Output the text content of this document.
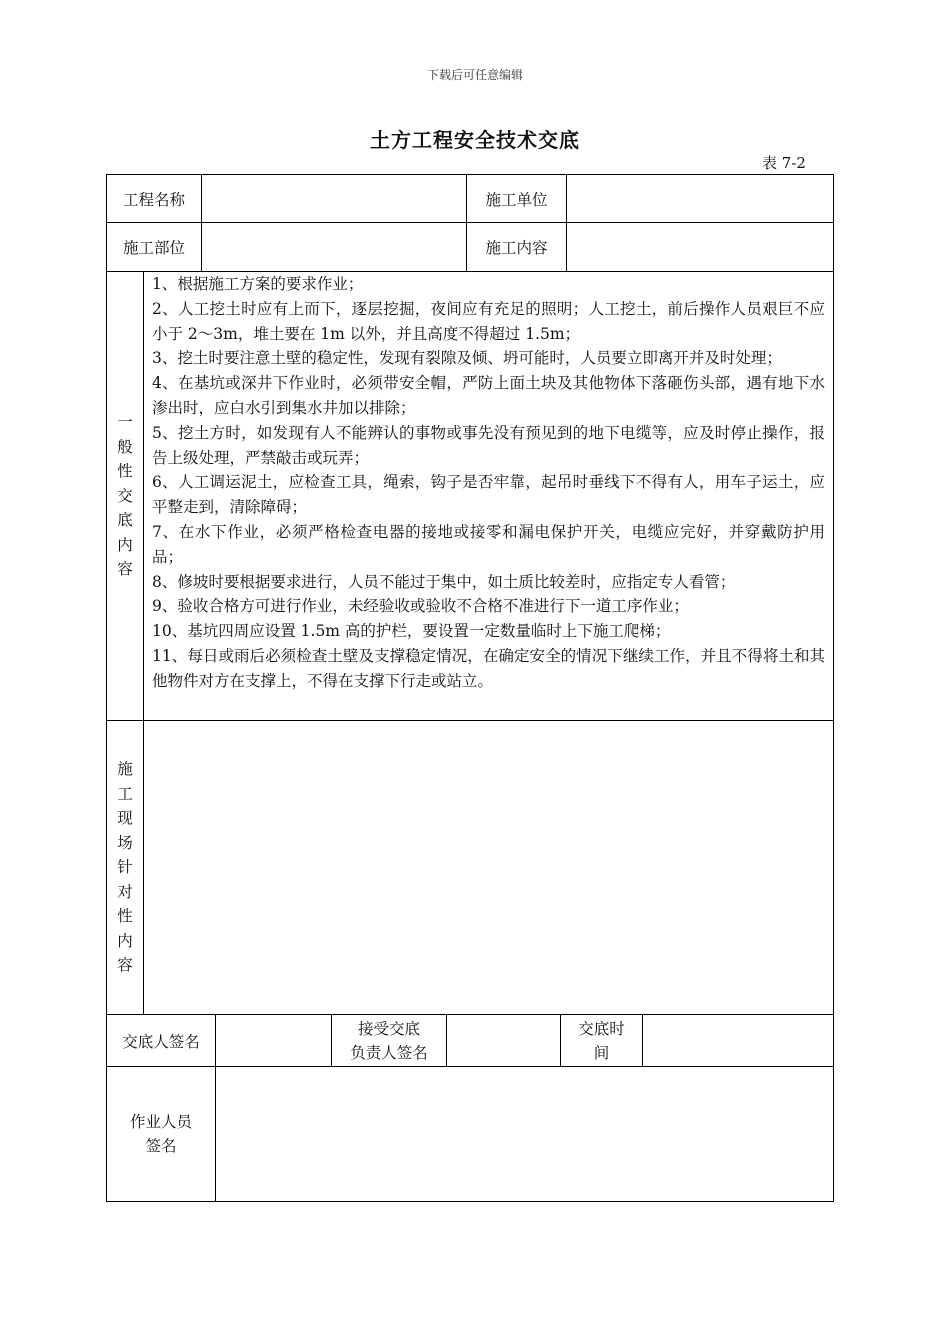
下载后可任意编辑
土方工程安全技术交底
表 7-2
工程名称	施工单位
施工部位	施工内容
一
般
性
交
底
内
容

1、根据施工方案的要求作业；

2、人工挖土时应有上而下，逐层挖掘，夜间应有充足的照明；人工挖土，前后操作人员艰巨不应小于 2～3m，堆土要在 1m 以外，并且高度不得超过 1.5m；

3、挖土时要注意土壁的稳定性，发现有裂隙及倾、坍可能时，人员要立即离开并及时处理；

4、在基坑或深井下作业时，必须带安全帽，严防上面土块及其他物体下落砸伤头部，遇有地下水渗出时，应白水引到集水井加以排除；

5、挖土方时，如发现有人不能辨认的事物或事先没有预见到的地下电缆等，应及时停止操作，报告上级处理，严禁敲击或玩弄；

6、人工调运泥土，应检查工具，绳索，钩子是否牢靠，起吊时垂线下不得有人，用车子运土，应平整走到，清除障碍；

7、在水下作业，必须严格检查电器的接地或接零和漏电保护开关，电缆应完好，并穿戴防护用品；

8、修坡时要根据要求进行，人员不能过于集中，如土质比较差时，应指定专人看管；

9、验收合格方可进行作业，未经验收或验收不合格不准进行下一道工序作业；

10、基坑四周应设置 1.5m 高的护栏，要设置一定数量临时上下施工爬梯；

11、每日或雨后必须检查土壁及支撑稳定情况，在确定安全的情况下继续工作，并且不得将土和其他物件对方在支撑上，不得在支撑下行走或站立。

施
工
现
场
针
对
性
内
容
交底人签名
接受交底
负责人签名
交底时
间
作业人员
签名
